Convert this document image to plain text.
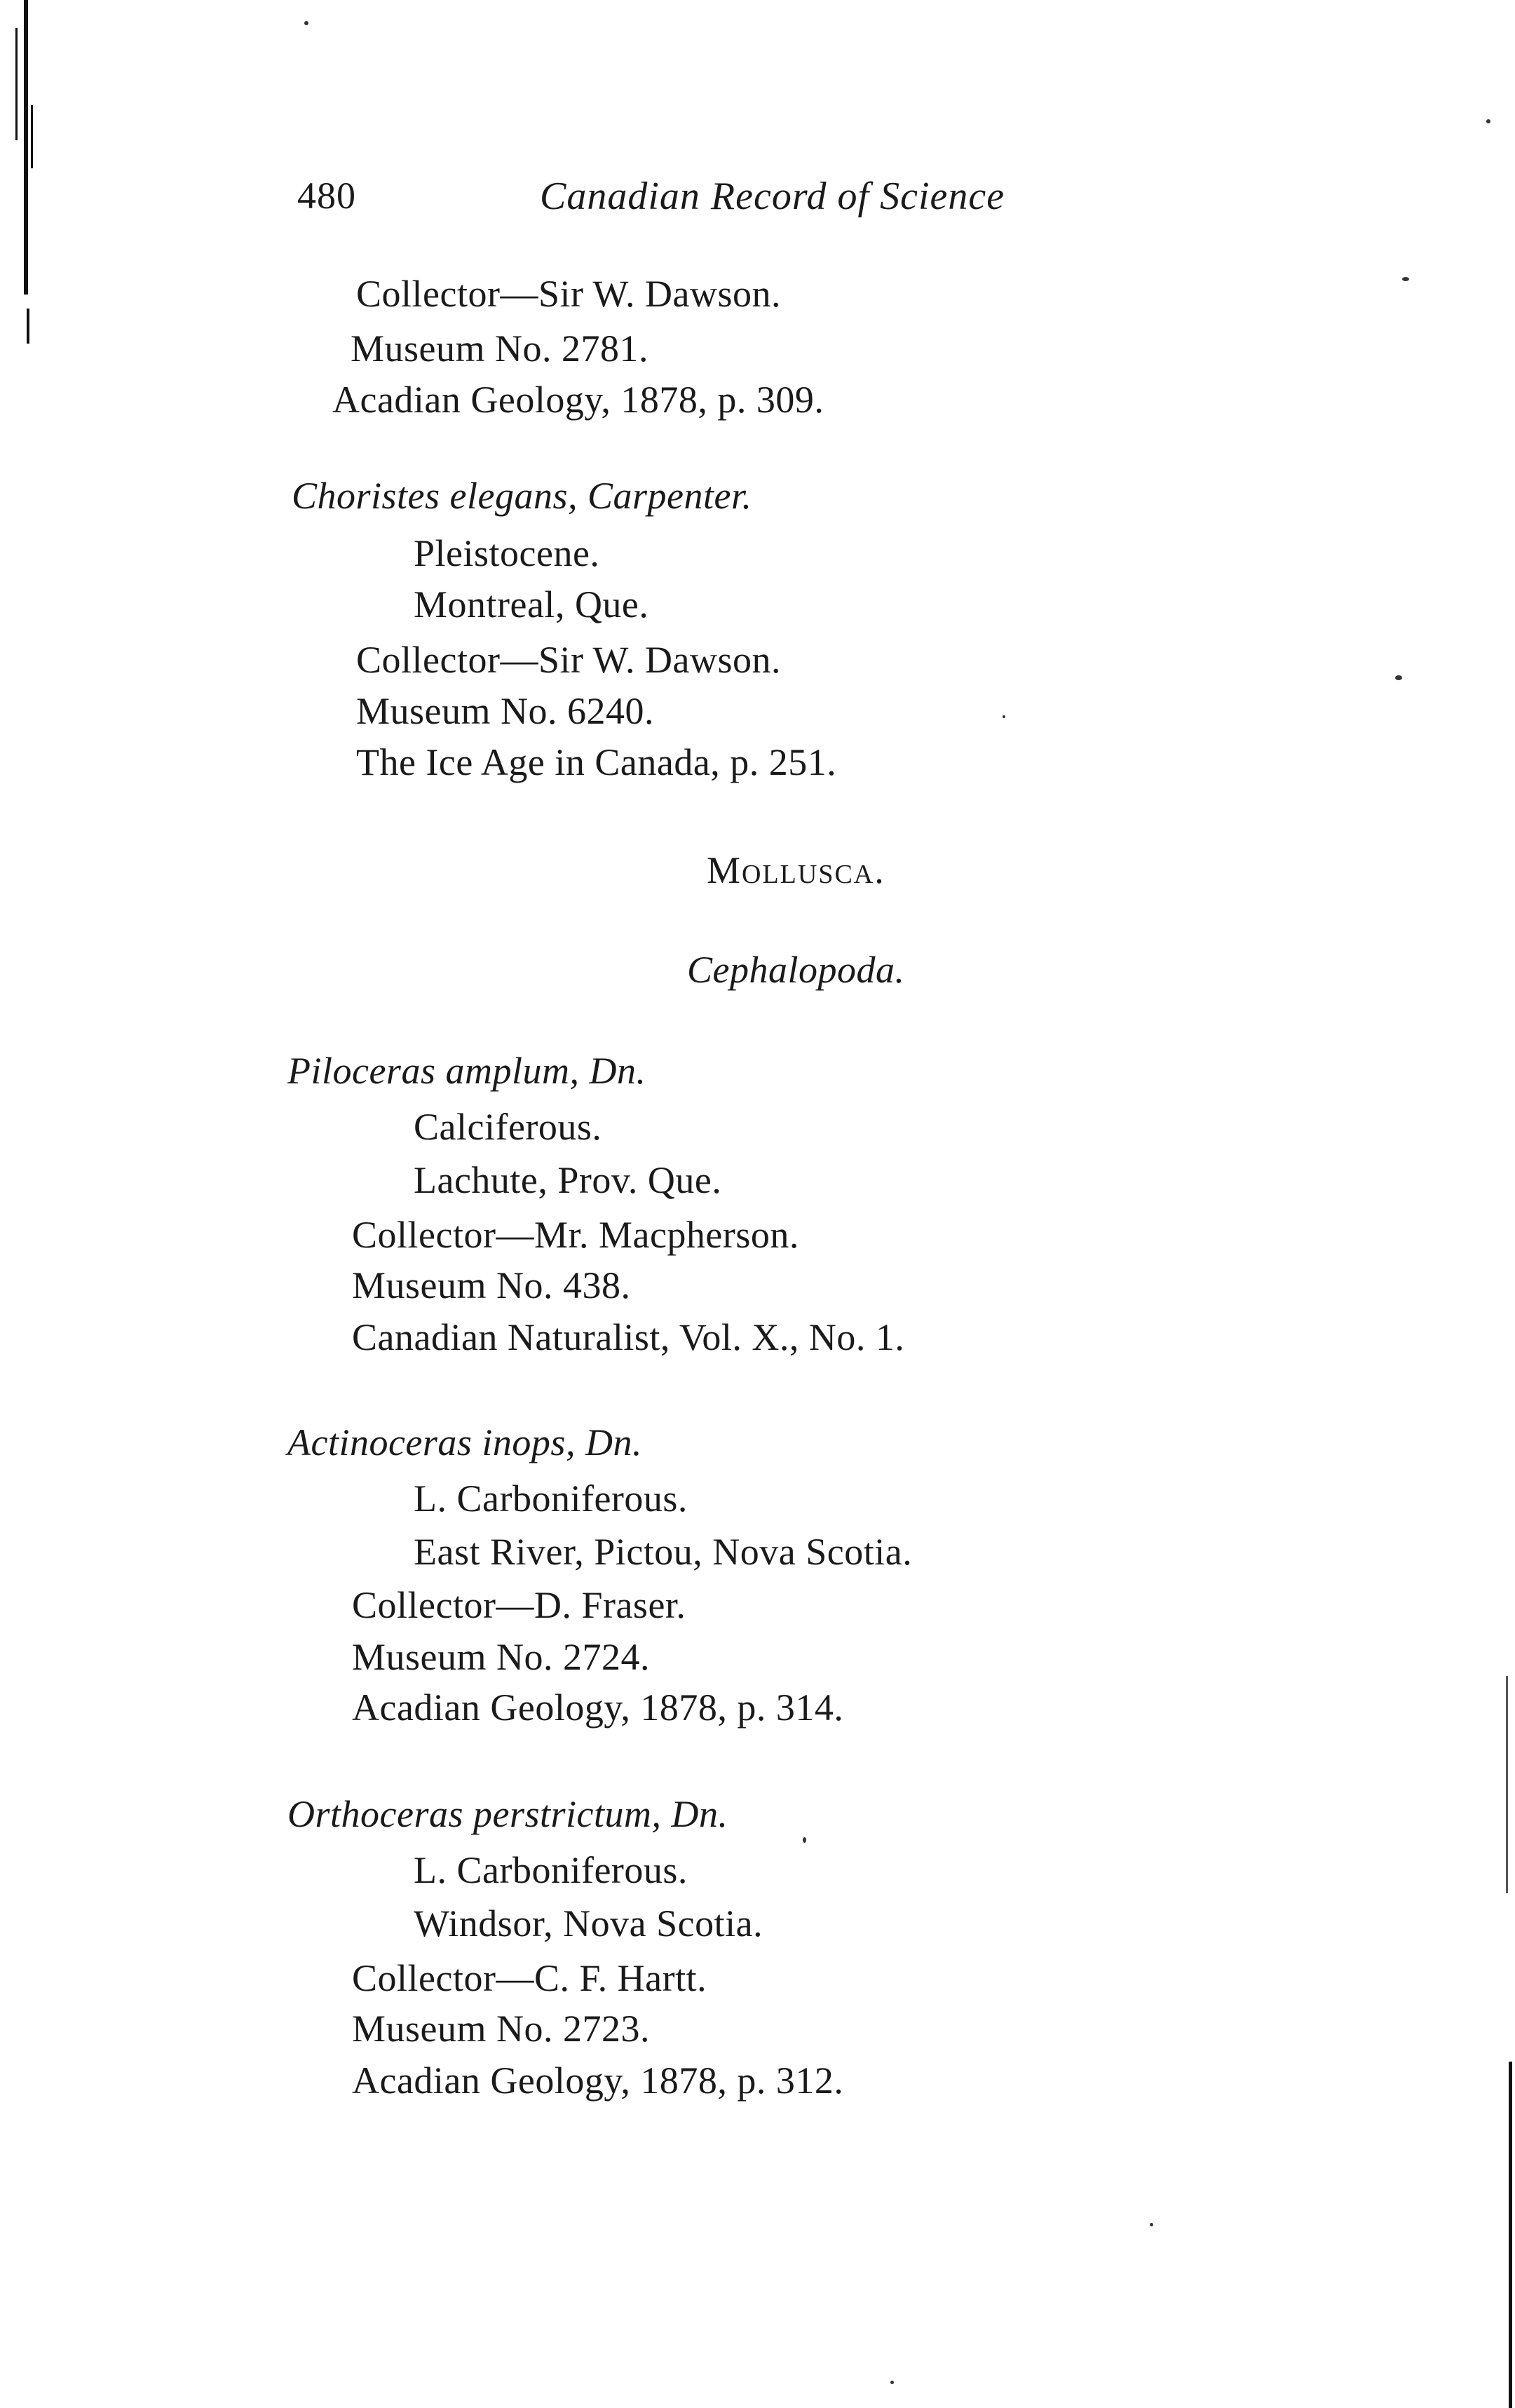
480	Canadian Record of Science
Collector—Sir W. Dawson.
Museum No. 2781.
Acadian Geology, 1878, p. 309.
Choristes elegans, Carpenter.
Pleistocene.
Montreal, Que.
Collector—Sir W. Dawson.
Museum No. 6240.
The Ice Age in Canada, p. 251.
Mollusca.
Cephalopoda.
Piloceras amplum, Dn.
Calciferous.
Lachute, Prov. Que.
Collector—Mr. Macpherson.
Museum No. 438.
Canadian Naturalist, Vol. X., No. 1.
Actinoceras inops, Dn.
L. Carboniferous.
East River, Pictou, Nova Scotia.
Collector—D. Fraser.
Museum No. 2724.
Acadian Geology, 1878, p. 314.
Orthoceras perstrictum, Dn.
L. Carboniferous.
Windsor, Nova Scotia.
Collector—C. F. Hartt.
Museum No. 2723.
Acadian Geology, 1878, p. 312.
